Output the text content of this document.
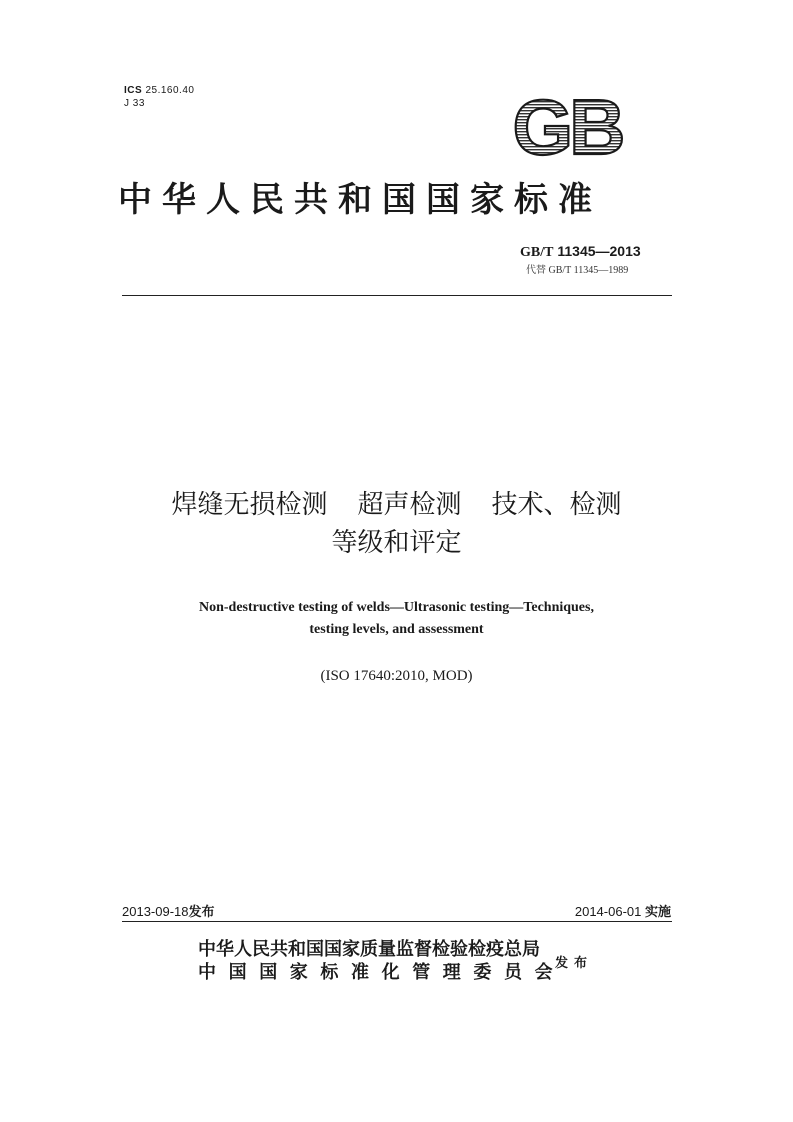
ICS 25.160.40
J 33	GB
中华人民共和国国家标准
GB/T 11345—2013
代替 GB/T 11345—1989
焊缝无损检测 超声检测 技术、检测
等级和评定
Non-destructive testing of welds—Ultrasonic testing—Techniques,
testing levels, and assessment
(ISO 17640:2010, MOD)
2013-09-18发布	2014-06-01 实施
中华人民共和国国家质量监督检验检疫总局
中国国家标准化管理委员会
发布
